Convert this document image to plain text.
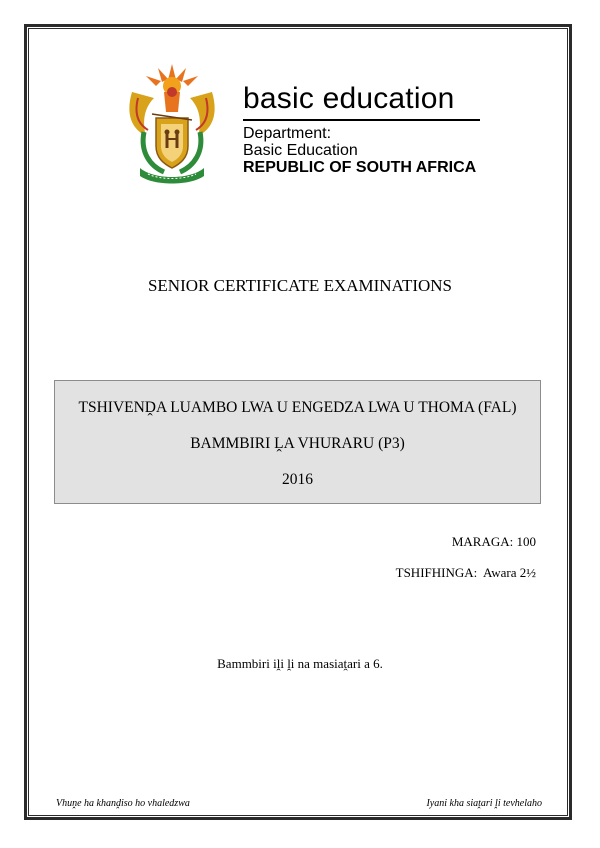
basic education
Department:
Basic Education
REPUBLIC OF SOUTH AFRICA
SENIOR CERTIFICATE EXAMINATIONS
TSHIVENḒA LUAMBO LWA U ENGEDZA LWA U THOMA (FAL)
BAMMBIRI ḼA VHURARU (P3)
2016
MARAGA: 100
TSHIFHINGA:  Awara 2½
Bammbiri iḽi ḽi na masiaṱari a 6.
Vhuṋe ha khanḓiso ho vhaledzwa	Iyani kha siaṱari ḽi tevhelaho
